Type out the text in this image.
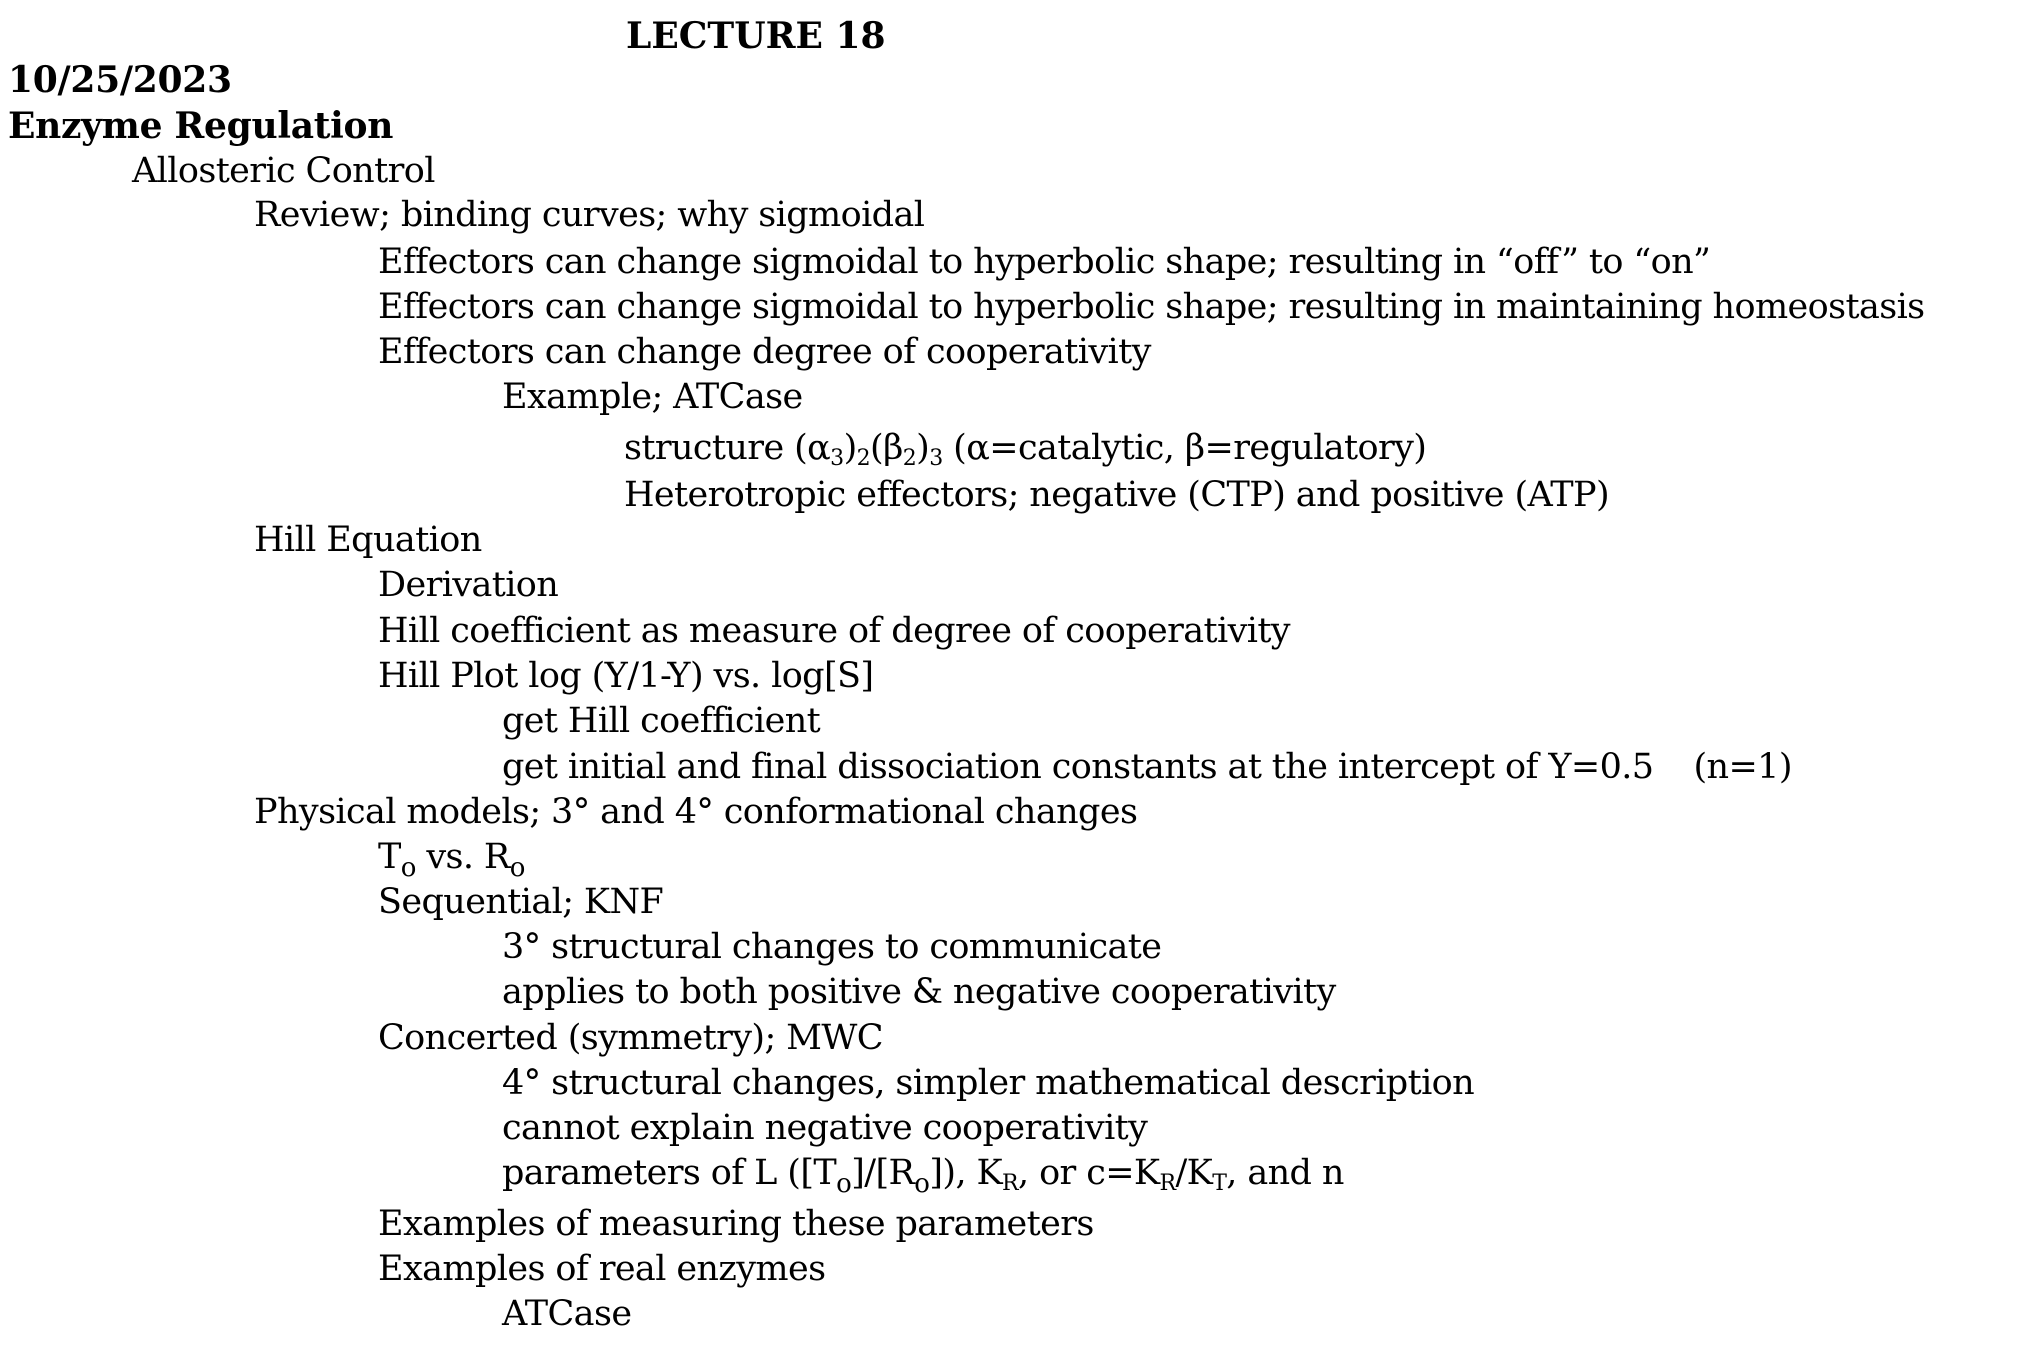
LECTURE 18
10/25/2023
Enzyme Regulation
Allosteric Control
Review; binding curves; why sigmoidal
Effectors can change sigmoidal to hyperbolic shape; resulting in “off” to “on”
Effectors can change sigmoidal to hyperbolic shape; resulting in maintaining homeostasis
Effectors can change degree of cooperativity
Example; ATCase
structure $(\alpha_3)_2(\beta_2)_3$ (α=catalytic, β=regulatory)
Heterotropic effectors; negative (CTP) and positive (ATP)
Hill Equation
Derivation
Hill coefficient as measure of degree of cooperativity
Hill Plot log (Y/1-Y) vs. log[S]
get Hill coefficient
get initial and final dissociation constants at the intercept of Y=0.5 (n=1)
Physical models; 3° and 4° conformational changes
$T_o$ vs. $R_o$
Sequential; KNF
3° structural changes to communicate
applies to both positive & negative cooperativity
Concerted (symmetry); MWC
4° structural changes, simpler mathematical description
cannot explain negative cooperativity
parameters of L $([T_o]/[R_o])$, $K_R$, or $c=K_R/K_T$, and n
Examples of measuring these parameters
Examples of real enzymes
ATCase
